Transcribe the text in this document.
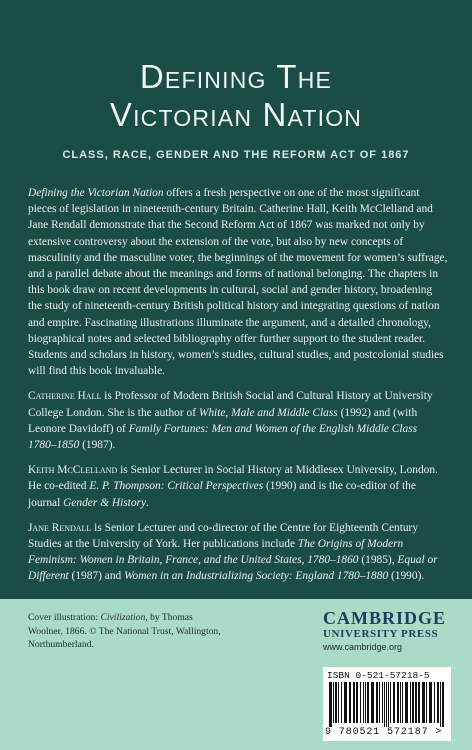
Defining The
Victorian Nation
CLASS, RACE, GENDER AND THE REFORM ACT OF 1867

Defining the Victorian Nation offers a fresh perspective on one of the most significant pieces of legislation in nineteenth-century Britain. Catherine Hall, Keith McClelland and Jane Rendall demonstrate that the Second Reform Act of 1867 was marked not only by extensive controversy about the extension of the vote, but also by new concepts of masculinity and the masculine voter, the beginnings of the movement for women’s suffrage, and a parallel debate about the meanings and forms of national belonging. The chapters in this book draw on recent developments in cultural, social and gender history, broadening the study of nineteenth-century British political history and integrating questions of nation and empire. Fascinating illustrations illuminate the argument, and a detailed chronology, biographical notes and selected bibliography offer further support to the student reader. Students and scholars in history, women’s studies, cultural studies, and postcolonial studies will find this book invaluable.

Catherine Hall is Professor of Modern British Social and Cultural History at University College London. She is the author of White, Male and Middle Class (1992) and (with Leonore Davidoff) of Family Fortunes: Men and Women of the English Middle Class 1780–1850 (1987).

Keith McClelland is Senior Lecturer in Social History at Middlesex University, London. He co-edited E. P. Thompson: Critical Perspectives (1990) and is the co-editor of the journal Gender & History.

Jane Rendall is Senior Lecturer and co-director of the Centre for Eighteenth Century Studies at the University of York. Her publications include The Origins of Modern Feminism: Women in Britain, France, and the United States, 1780–1860 (1985), Equal or Different (1987) and Women in an Industrializing Society: England 1780–1880 (1990).

Cover illustration: Civilization, by Thomas Woolner, 1866. © The National Trust, Wallington, Northumberland.
CAMBRIDGE
UNIVERSITY PRESS
www.cambridge.org
ISBN 0-521-57218-5
9 780521 572187 >
